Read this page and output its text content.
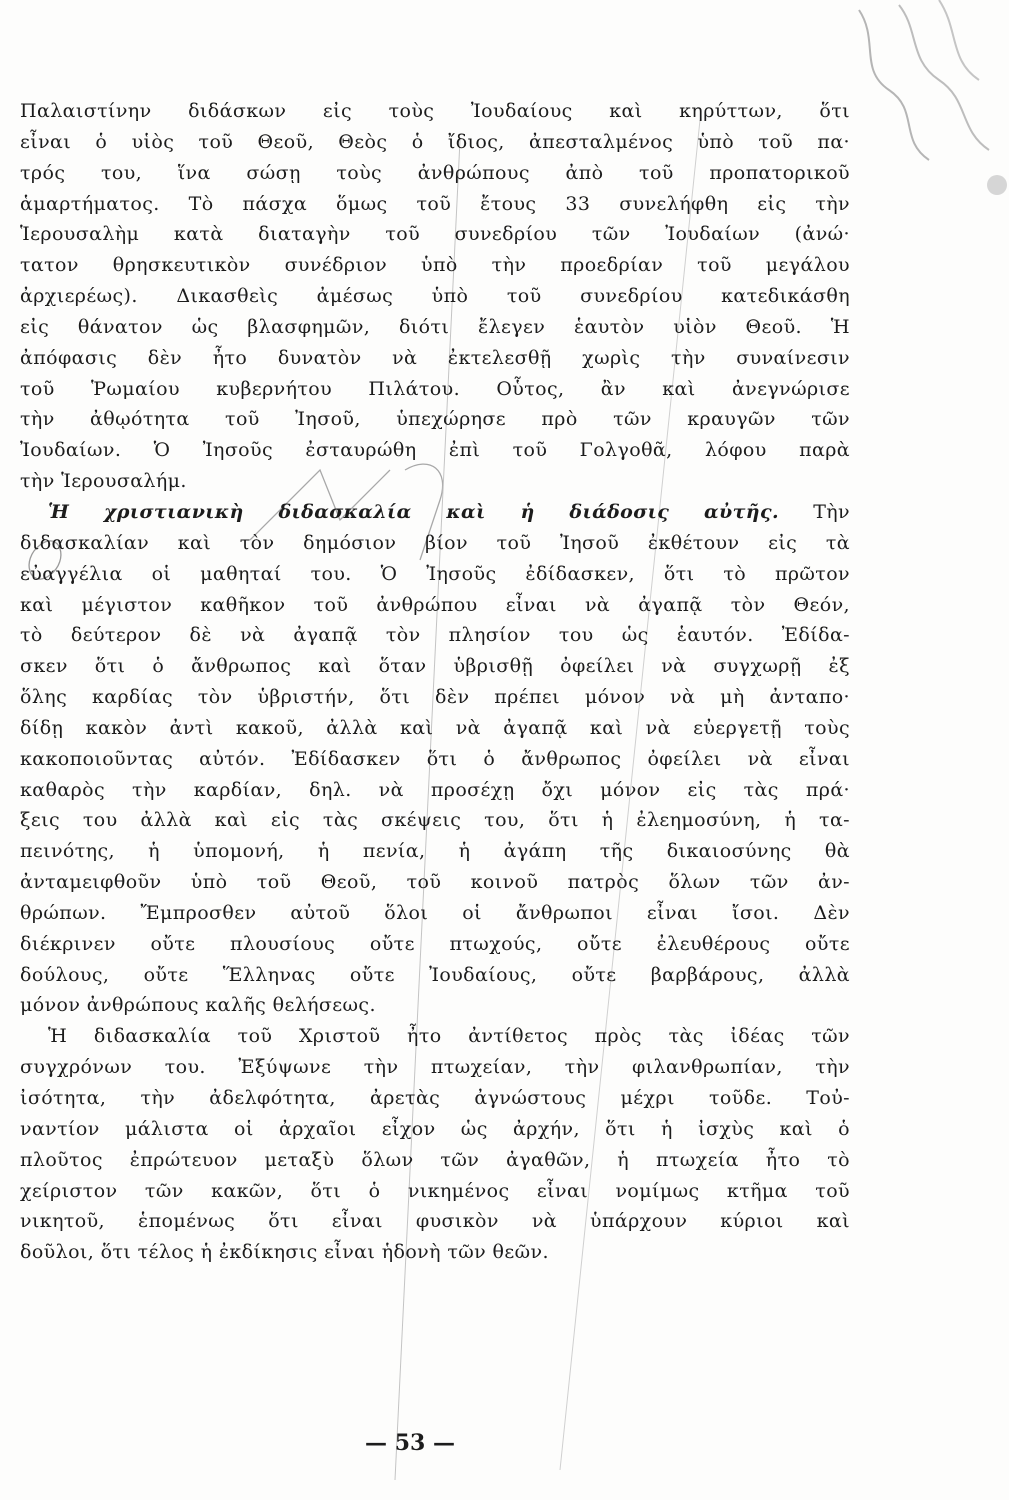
Παλαιστίνην διδάσκων εἰς τοὺς Ἰουδαίους καὶ κηρύττων, ὅτι
εἶναι ὁ υἱὸς τοῦ Θεοῦ, Θεὸς ὁ ἴδιος, ἀπεσταλμένος ὑπὸ τοῦ πα·
τρός του, ἵνα σώσῃ τοὺς ἀνθρώπους ἀπὸ τοῦ προπατορικοῦ
ἁμαρτήματος. Τὸ πάσχα ὅμως τοῦ ἔτους 33 συνελήφθη εἰς τὴν
Ἱερουσαλὴμ κατὰ διαταγὴν τοῦ συνεδρίου τῶν Ἰουδαίων (ἀνώ·
τατον θρησκευτικὸν συνέδριον ὑπὸ τὴν προεδρίαν τοῦ μεγάλου
ἀρχιερέως). Δικασθεὶς ἀμέσως ὑπὸ τοῦ συνεδρίου κατεδικάσθη
εἰς θάνατον ὡς βλασφημῶν, διότι ἔλεγεν ἑαυτὸν υἱὸν Θεοῦ. Ἡ
ἀπόφασις δὲν ἦτο δυνατὸν νὰ ἐκτελεσθῇ χωρὶς τὴν συναίνεσιν
τοῦ Ῥωμαίου κυβερνήτου Πιλάτου. Οὗτος, ἂν καὶ ἀνεγνώρισε
τὴν ἀθῳότητα τοῦ Ἰησοῦ, ὑπεχώρησε πρὸ τῶν κραυγῶν τῶν
Ἰουδαίων. Ὁ Ἰησοῦς ἐσταυρώθη ἐπὶ τοῦ Γολγοθᾶ, λόφου παρὰ
τὴν Ἱερουσαλήμ.
Ἡ χριστιανικὴ διδασκαλία καὶ ἡ διάδοσις αὐτῆς. Τὴν
διδασκαλίαν καὶ τὸν δημόσιον βίον τοῦ Ἰησοῦ ἐκθέτουν εἰς τὰ
εὐαγγέλια οἱ μαθηταί του. Ὁ Ἰησοῦς ἐδίδασκεν, ὅτι τὸ πρῶτον
καὶ μέγιστον καθῆκον τοῦ ἀνθρώπου εἶναι νὰ ἀγαπᾷ τὸν Θεόν,
τὸ δεύτερον δὲ νὰ ἀγαπᾷ τὸν πλησίον του ὡς ἑαυτόν. Ἐδίδα-
σκεν ὅτι ὁ ἄνθρωπος καὶ ὅταν ὑβρισθῇ ὀφείλει νὰ συγχωρῇ ἐξ
ὅλης καρδίας τὸν ὑβριστήν, ὅτι δὲν πρέπει μόνον νὰ μὴ ἀνταπο·
δίδῃ κακὸν ἀντὶ κακοῦ, ἀλλὰ καὶ νὰ ἀγαπᾷ καὶ νὰ εὐεργετῇ τοὺς
κακοποιοῦντας αὐτόν. Ἐδίδασκεν ὅτι ὁ ἄνθρωπος ὀφείλει νὰ εἶναι
καθαρὸς τὴν καρδίαν, δηλ. νὰ προσέχῃ ὄχι μόνον εἰς τὰς πρά·
ξεις του ἀλλὰ καὶ εἰς τὰς σκέψεις του, ὅτι ἡ ἐλεημοσύνη, ἡ τα-
πεινότης, ἡ ὑπομονή, ἡ πενία, ἡ ἀγάπη τῆς δικαιοσύνης θὰ
ἀνταμειφθοῦν ὑπὸ τοῦ Θεοῦ, τοῦ κοινοῦ πατρὸς ὅλων τῶν ἀν-
θρώπων. Ἔμπροσθεν αὐτοῦ ὅλοι οἱ ἄνθρωποι εἶναι ἴσοι. Δὲν
διέκρινεν οὔτε πλουσίους οὔτε πτωχούς, οὔτε ἐλευθέρους οὔτε
δούλους, οὔτε Ἕλληνας οὔτε Ἰουδαίους, οὔτε βαρβάρους, ἀλλὰ
μόνον ἀνθρώπους καλῆς θελήσεως.
Ἡ διδασκαλία τοῦ Χριστοῦ ἦτο ἀντίθετος πρὸς τὰς ἰδέας τῶν
συγχρόνων του. Ἐξύψωνε τὴν πτωχείαν, τὴν φιλανθρωπίαν, τὴν
ἰσότητα, τὴν ἀδελφότητα, ἀρετὰς ἀγνώστους μέχρι τοῦδε. Τοὐ-
ναντίον μάλιστα οἱ ἀρχαῖοι εἶχον ὡς ἀρχήν, ὅτι ἡ ἰσχὺς καὶ ὁ
πλοῦτος ἐπρώτευον μεταξὺ ὅλων τῶν ἀγαθῶν, ἡ πτωχεία ἦτο τὸ
χείριστον τῶν κακῶν, ὅτι ὁ νικημένος εἶναι νομίμως κτῆμα τοῦ
νικητοῦ, ἑπομένως ὅτι εἶναι φυσικὸν νὰ ὑπάρχουν κύριοι καὶ
δοῦλοι, ὅτι τέλος ἡ ἐκδίκησις εἶναι ἡδονὴ τῶν θεῶν.
— 53 —
